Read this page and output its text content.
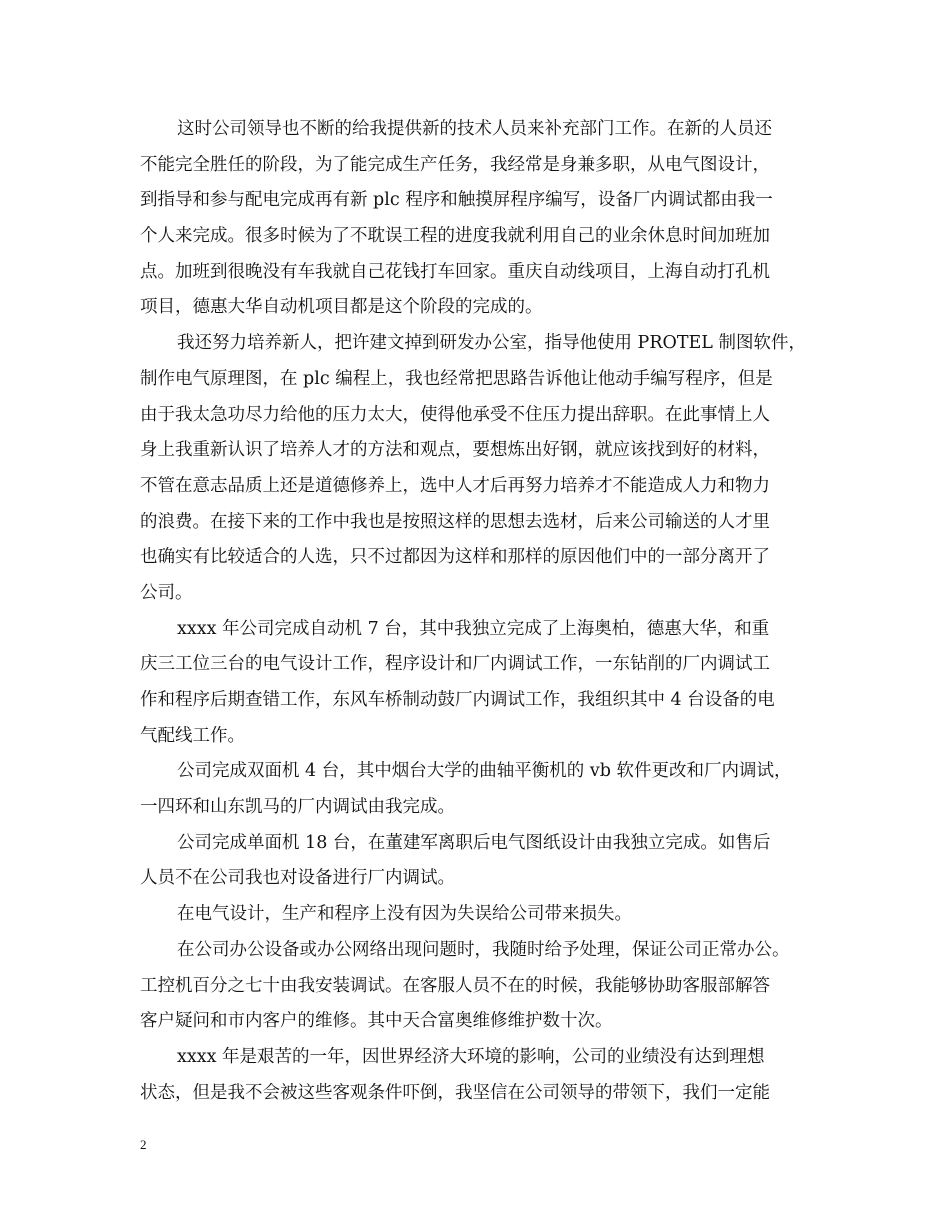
这时公司领导也不断的给我提供新的技术人员来补充部门工作。在新的人员还
不能完全胜任的阶段，为了能完成生产任务，我经常是身兼多职，从电气图设计，
到指导和参与配电完成再有新 plc 程序和触摸屏程序编写，设备厂内调试都由我一
个人来完成。很多时候为了不耽误工程的进度我就利用自己的业余休息时间加班加
点。加班到很晚没有车我就自己花钱打车回家。重庆自动线项目，上海自动打孔机
项目，德惠大华自动机项目都是这个阶段的完成的。
我还努力培养新人，把许建文掉到研发办公室，指导他使用 PROTEL 制图软件，
制作电气原理图，在 plc 编程上，我也经常把思路告诉他让他动手编写程序，但是
由于我太急功尽力给他的压力太大，使得他承受不住压力提出辞职。在此事情上人
身上我重新认识了培养人才的方法和观点，要想炼出好钢，就应该找到好的材料，
不管在意志品质上还是道德修养上，选中人才后再努力培养才不能造成人力和物力
的浪费。在接下来的工作中我也是按照这样的思想去选材，后来公司输送的人才里
也确实有比较适合的人选，只不过都因为这样和那样的原因他们中的一部分离开了
公司。
xxxx 年公司完成自动机 7 台，其中我独立完成了上海奥柏，德惠大华，和重
庆三工位三台的电气设计工作，程序设计和厂内调试工作，一东钻削的厂内调试工
作和程序后期查错工作，东风车桥制动鼓厂内调试工作，我组织其中 4 台设备的电
气配线工作。
公司完成双面机 4 台，其中烟台大学的曲轴平衡机的 vb 软件更改和厂内调试，
一四环和山东凯马的厂内调试由我完成。
公司完成单面机 18 台，在董建军离职后电气图纸设计由我独立完成。如售后
人员不在公司我也对设备进行厂内调试。
在电气设计，生产和程序上没有因为失误给公司带来损失。
在公司办公设备或办公网络出现问题时，我随时给予处理，保证公司正常办公。
工控机百分之七十由我安装调试。在客服人员不在的时候，我能够协助客服部解答
客户疑问和市内客户的维修。其中天合富奥维修维护数十次。
xxxx 年是艰苦的一年，因世界经济大环境的影响，公司的业绩没有达到理想
状态，但是我不会被这些客观条件吓倒，我坚信在公司领导的带领下，我们一定能
2
